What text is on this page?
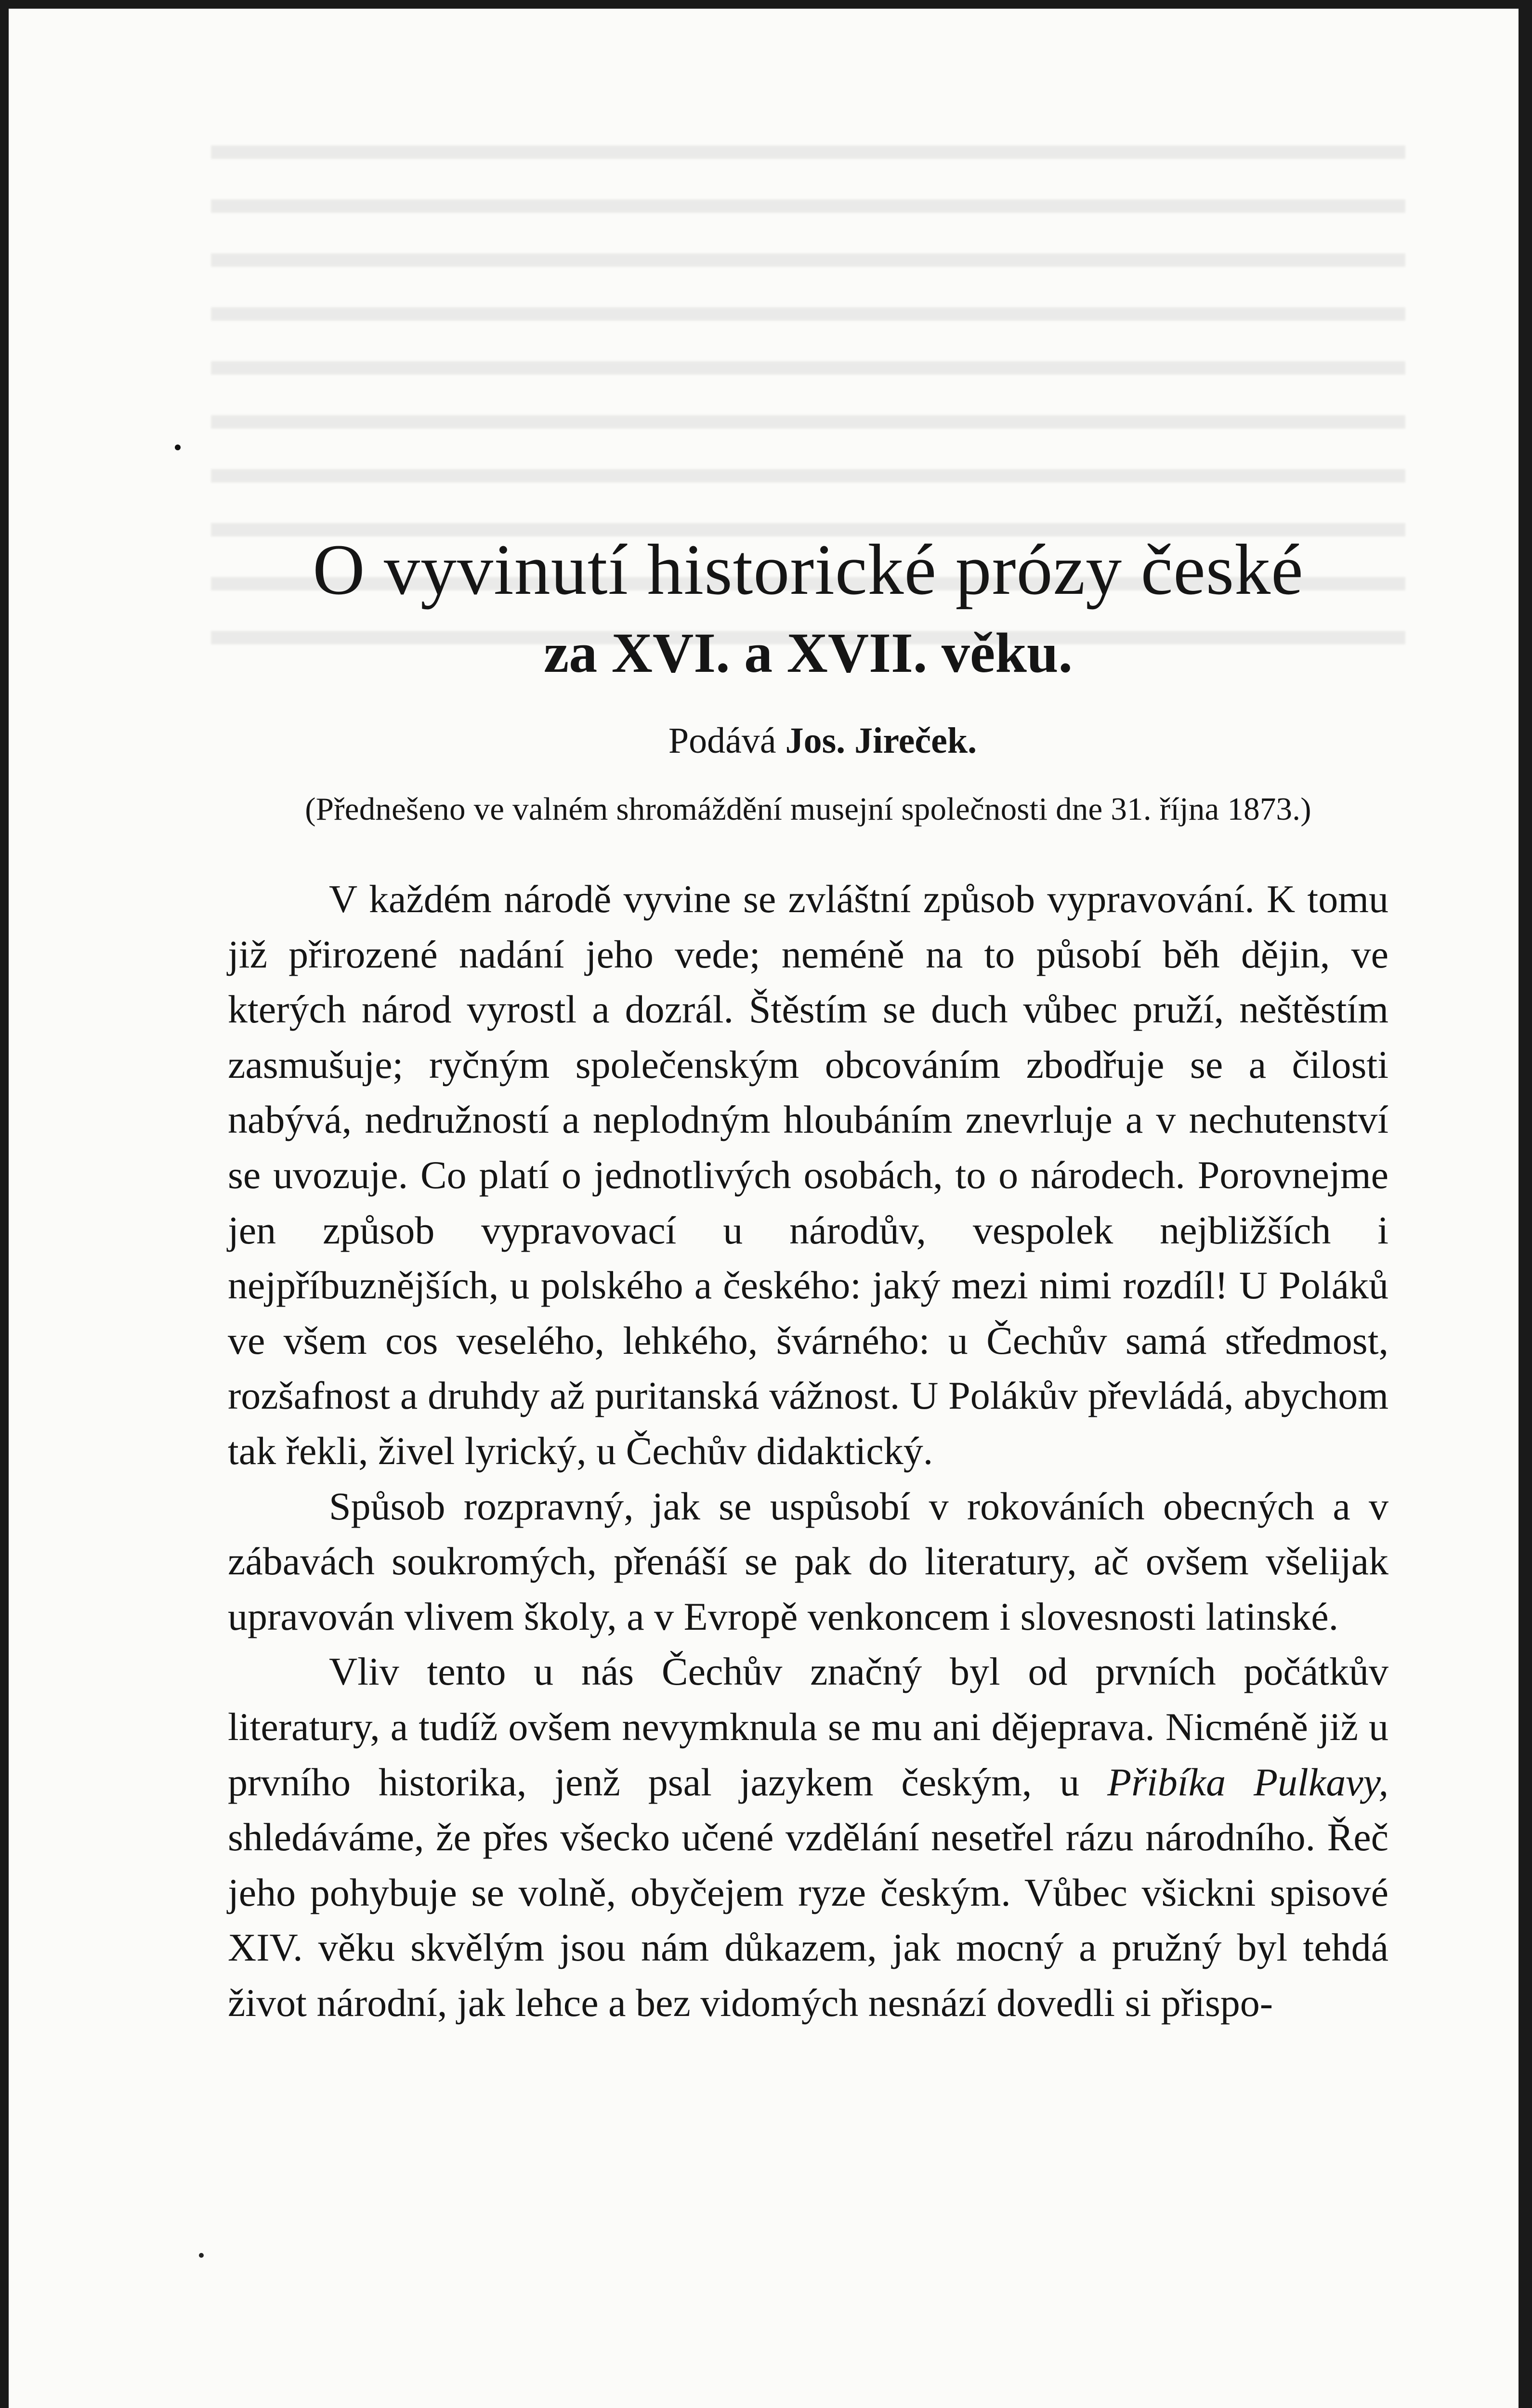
O vyvinutí historické prózy české
za XVI. a XVII. věku.
Podává Jos. Jireček.
(Přednešeno ve valném shromáždění musejní společnosti dne 31. října 1873.)

V každém národě vyvine se zvláštní způsob vypravování. K tomu již přirozené nadání jeho vede; neméně na to působí běh dějin, ve kterých národ vyrostl a dozrál. Štěstím se duch vůbec pruží, neštěstím zasmušuje; ryčným společenským obcováním zbodřuje se a čilosti nabývá, nedružností a neplodným hloubáním znevrluje a v nechutenství se uvozuje. Co platí o jednotlivých osobách, to o národech. Porovnejme jen způsob vypravovací u národův, vespolek nejbližších i nejpříbuznějších, u polského a českého: jaký mezi nimi rozdíl! U Poláků ve všem cos veselého, lehkého, švárného: u Čechův samá středmost, rozšafnost a druhdy až puritanská vážnost. U Polákův převládá, abychom tak řekli, živel lyrický, u Čechův didaktický.

Spůsob rozpravný, jak se uspůsobí v rokováních obecných a v zábavách soukromých, přenáší se pak do literatury, ač ovšem všelijak upravován vlivem školy, a v Evropě venkoncem i slovesnosti latinské.

Vliv tento u nás Čechův značný byl od prvních počátkův literatury, a tudíž ovšem nevymknula se mu ani dějeprava. Nicméně již u prvního historika, jenž psal jazykem českým, u Přibíka Pulkavy, shledáváme, že přes všecko učené vzdělání nesetřel rázu národního. Řeč jeho pohybuje se volně, obyčejem ryze českým. Vůbec všickni spisové XIV. věku skvělým jsou nám důkazem, jak mocný a pružný byl tehdá život národní, jak lehce a bez vidomých nesnází dovedli si přispo-
